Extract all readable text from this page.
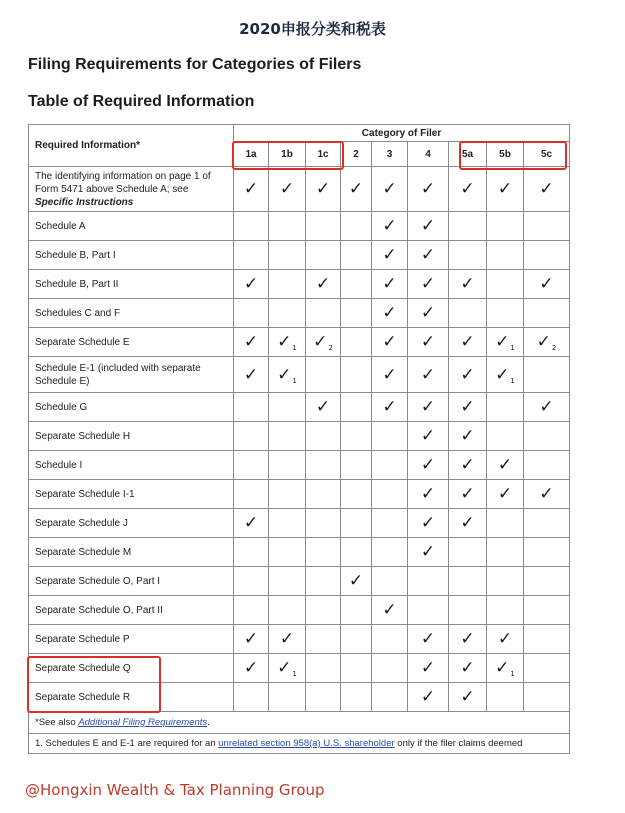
2020申报分类和税表
Filing Requirements for Categories of Filers
Table of Required Information
Required Information*	Category of Filer								
	1a	1b	1c	2	3	4	5a	5b	5c
The identifying information on page 1 of Form 5471 above Schedule A; see Specific Instructions	✓	✓	✓	✓	✓	✓	✓	✓	✓
Schedule A					✓	✓			
Schedule B, Part I					✓	✓			
Schedule B, Part II	✓		✓		✓	✓	✓		✓
Schedules C and F					✓	✓			
Separate Schedule E	✓	$✓_1$	$✓_2$		✓	✓	✓	$✓_1$	$✓_2$
Schedule E-1 (included with separate Schedule E)	✓	$✓_1$			✓	✓	✓	$✓_1$	
Schedule G			✓		✓	✓	✓		✓
Separate Schedule H						✓	✓		
Schedule I						✓	✓	✓	
Separate Schedule I-1						✓	✓	✓	✓
Separate Schedule J	✓					✓	✓		
Separate Schedule M						✓			
Separate Schedule O, Part I				✓					
Separate Schedule O, Part II					✓				
Separate Schedule P	✓	✓				✓	✓	✓	
Separate Schedule Q	✓	$✓_1$				✓	✓	$✓_1$	
Separate Schedule R						✓	✓		
*See also Additional Filing Requirements.									
1. Schedules E and E-1 are required for an unrelated section 958(a) U.S. shareholder only if the filer claims deemed									
@Hongxin Wealth & Tax Planning Group
